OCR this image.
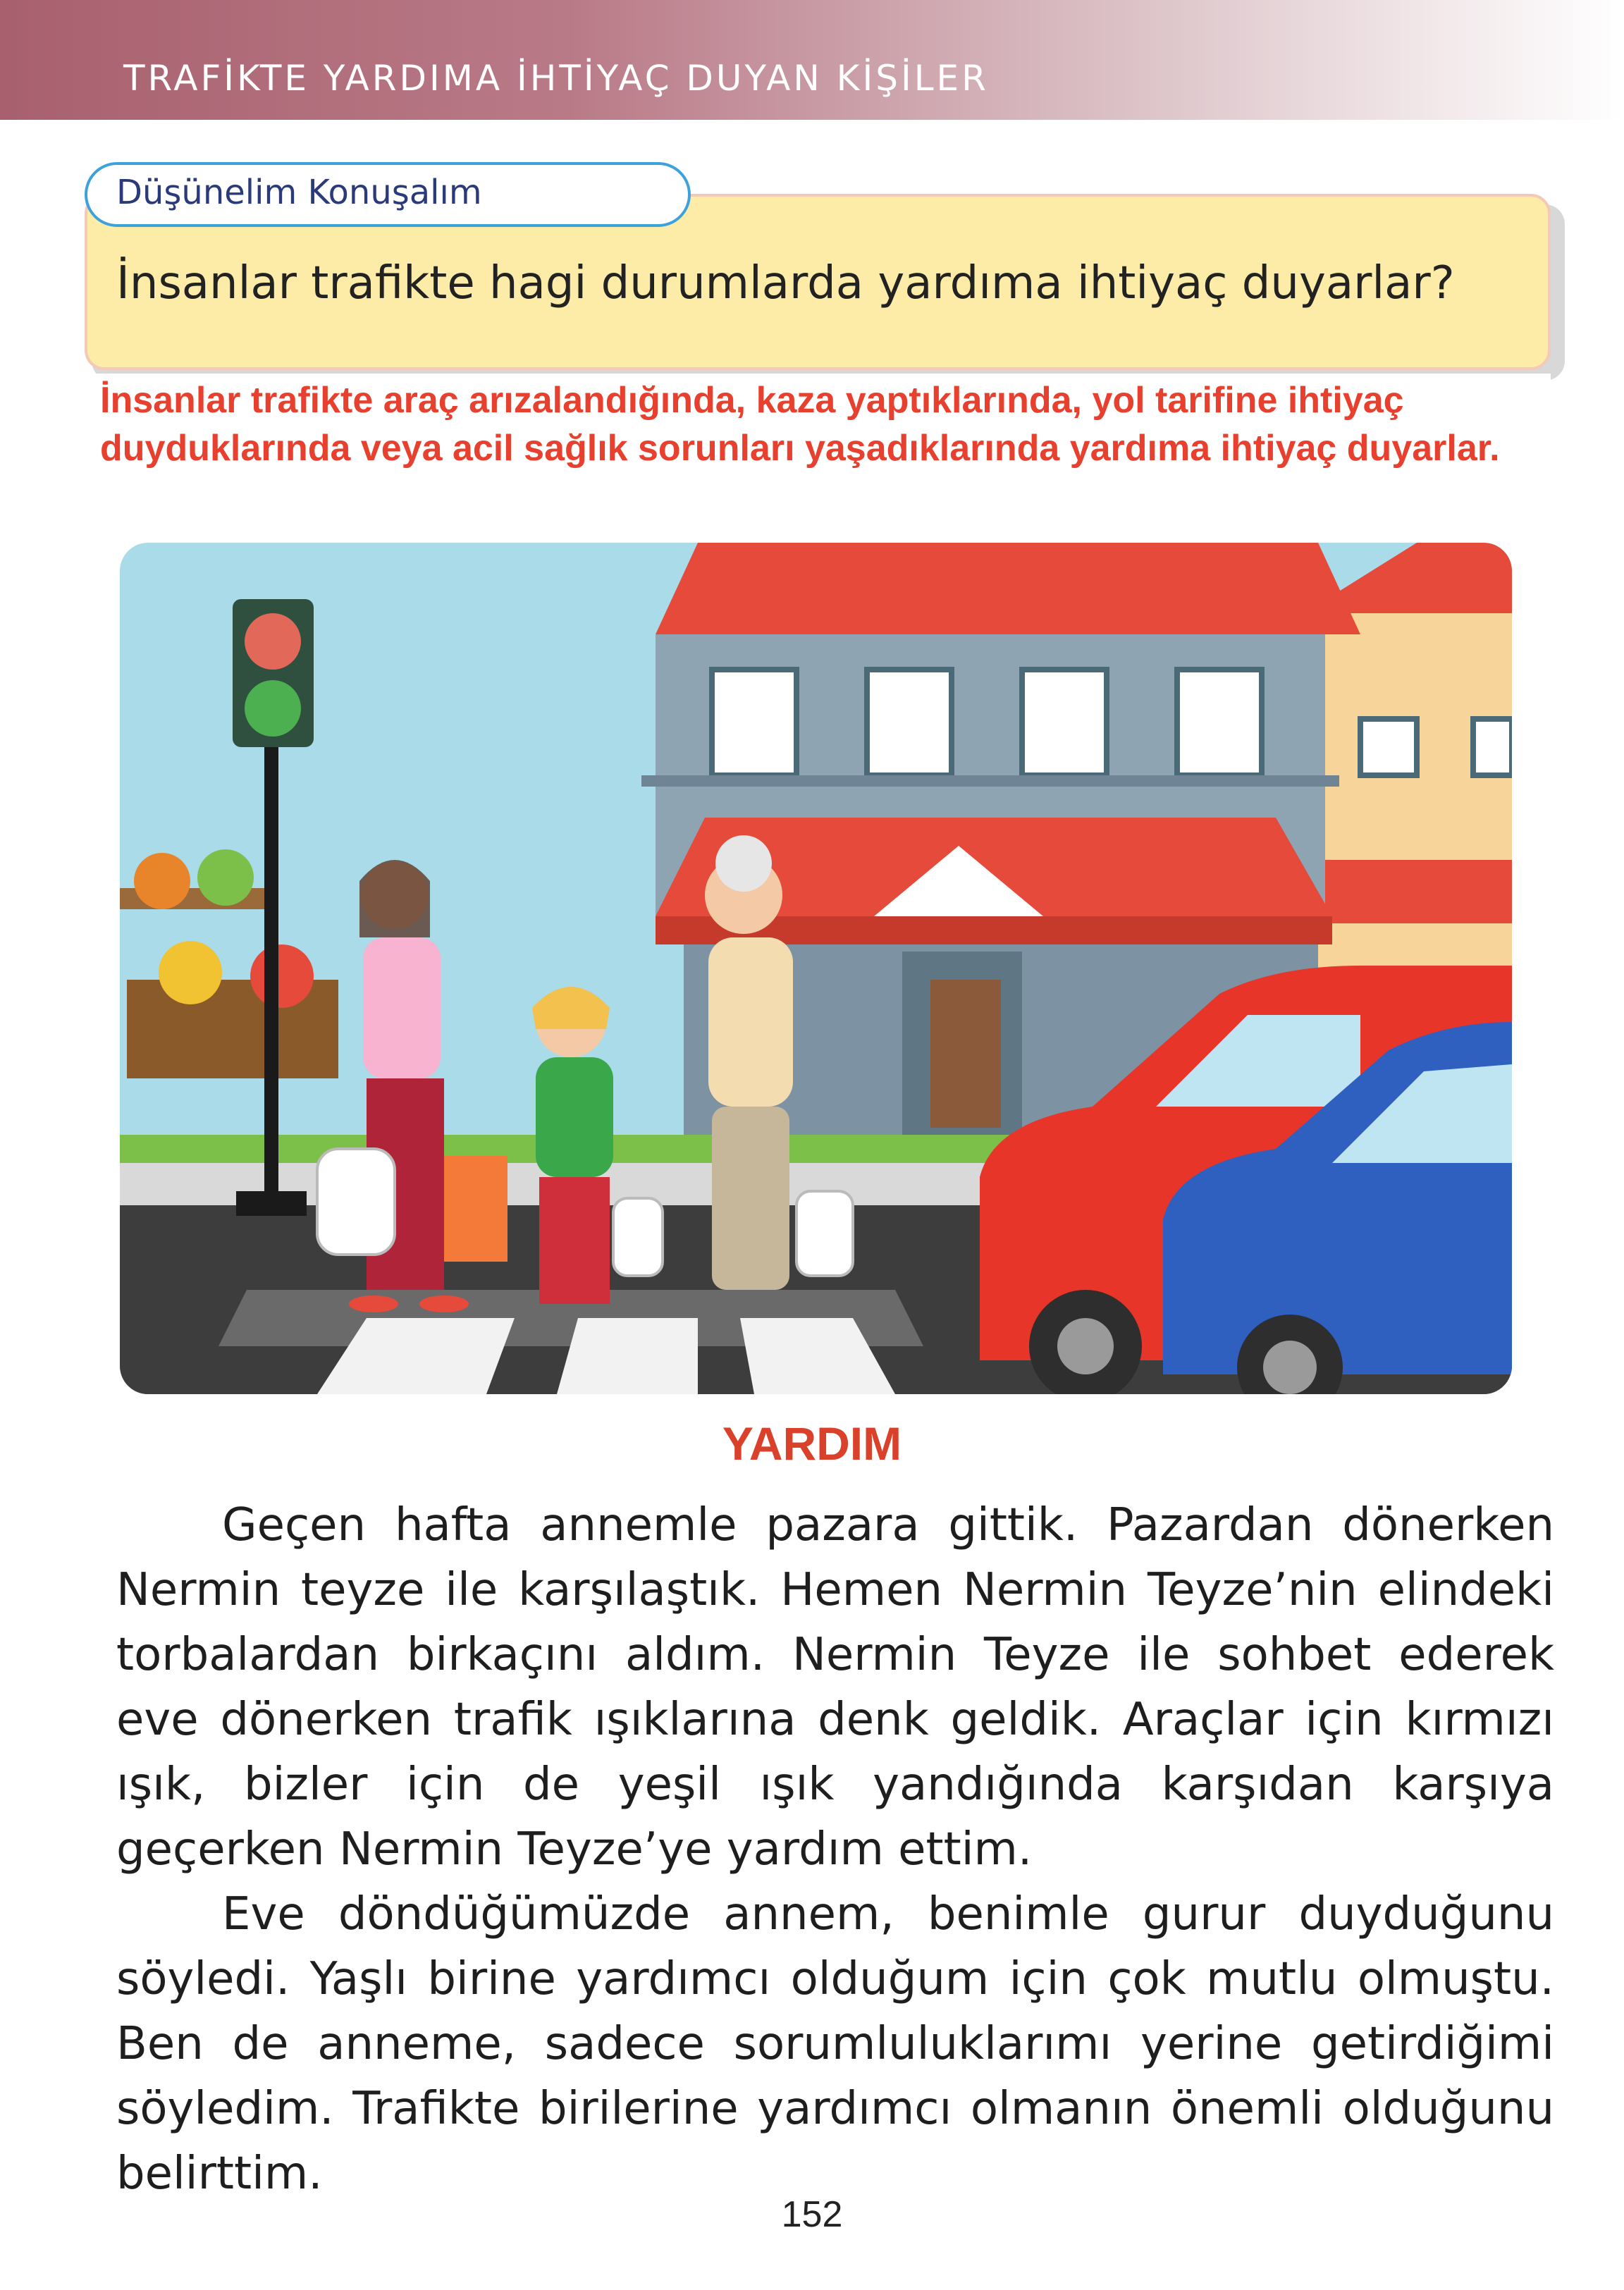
TRAFİKTE YARDIMA İHTİYAÇ DUYAN KİŞİLER
İnsanlar trafikte hagi durumlarda yardıma ihtiyaç duyarlar?
Düşünelim Konuşalım
İnsanlar trafikte araç arızalandığında, kaza yaptıklarında, yol tarifine ihtiyaç duyduklarında veya acil sağlık sorunları yaşadıklarında yardıma ihtiyaç duyarlar.
YARDIM

Geçen hafta annemle pazara gittik. Pazardan dönerken Nermin teyze ile karşılaştık. Hemen Nermin Teyze’nin elindeki torbalardan birkaçını aldım. Nermin Teyze ile sohbet ederek eve dönerken trafik ışıklarına denk geldik. Araçlar için kırmızı ışık, bizler için de yeşil ışık yandığında karşıdan karşıya geçerken Nermin Teyze’ye yardım ettim.

Eve döndüğümüzde annem, benimle gurur duyduğunu söyledi. Yaşlı birine yardımcı olduğum için çok mutlu olmuştu. Ben de anneme, sadece sorumluluklarımı yerine getirdiğimi söyledim. Trafikte birilerine yardımcı olmanın önemli olduğunu belirttim.

152
